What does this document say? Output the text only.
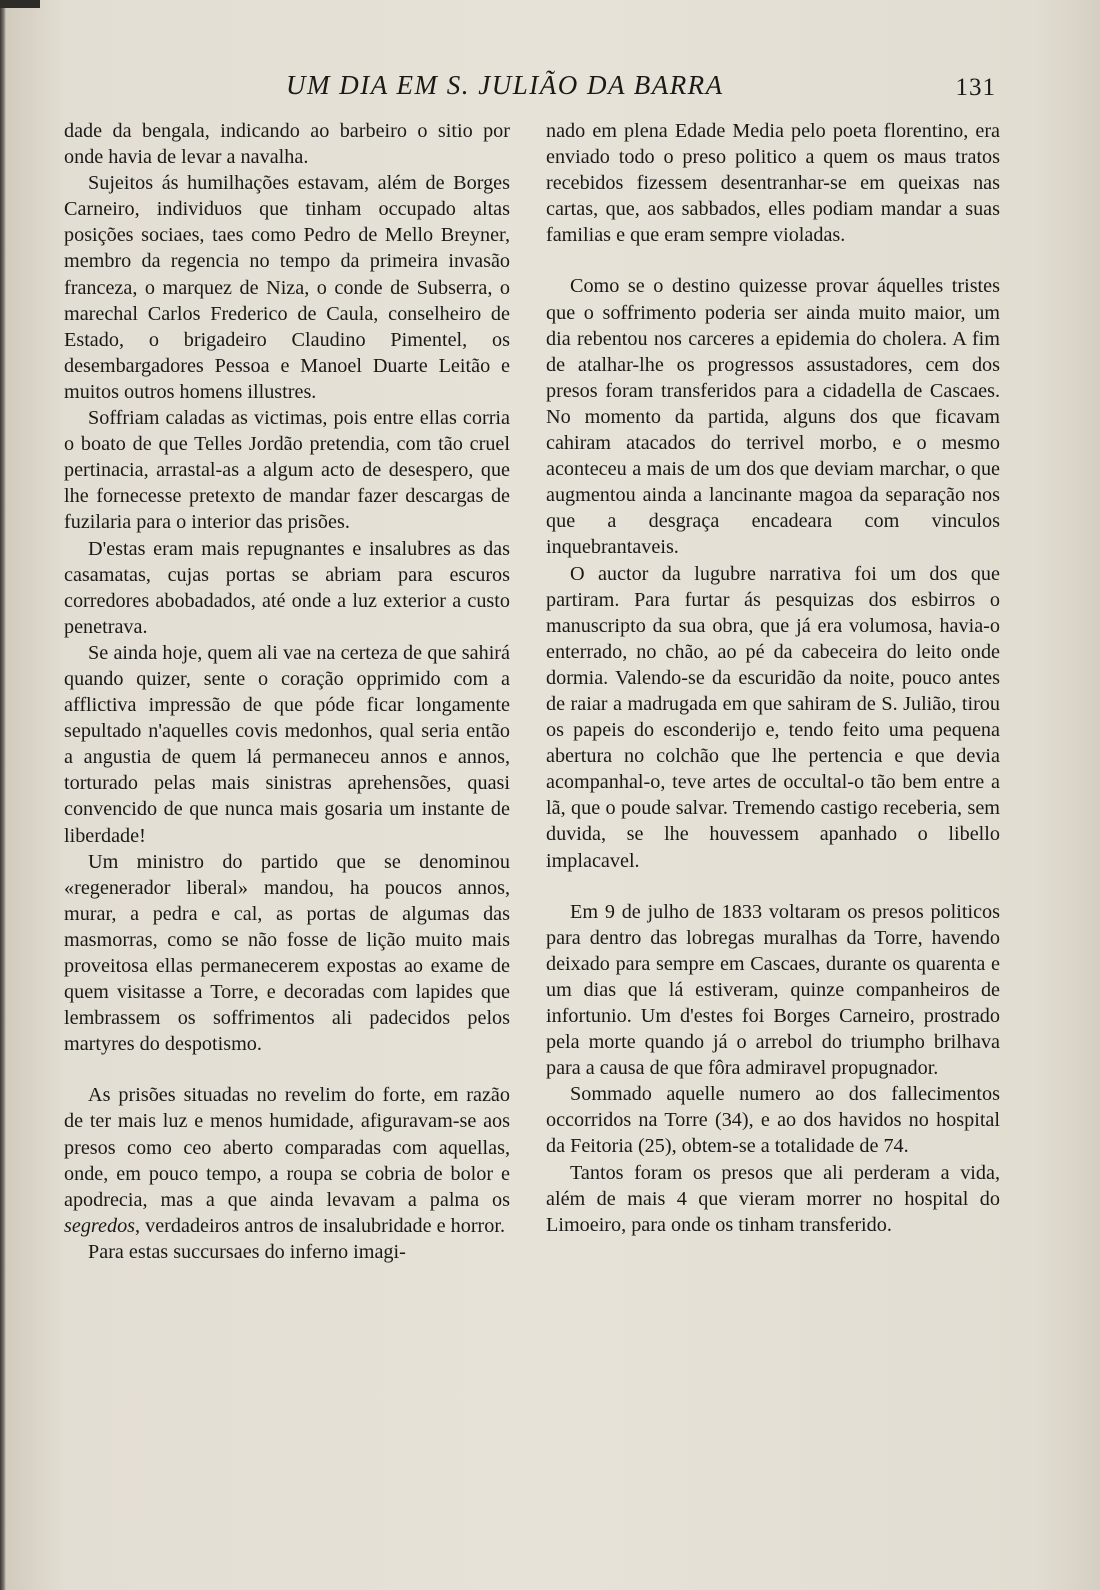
UM DIA EM S. JULIÃO DA BARRA	131

dade da bengala, indicando ao barbeiro o sitio por onde havia de levar a navalha.

Sujeitos ás humilhações estavam, além de Borges Carneiro, individuos que tinham occupado altas posições sociaes, taes como Pedro de Mello Breyner, membro da regencia no tempo da primeira invasão franceza, o marquez de Niza, o conde de Subserra, o marechal Carlos Frederico de Caula, conselheiro de Estado, o brigadeiro Claudino Pimentel, os desembargadores Pessoa e Manoel Duarte Leitão e muitos outros homens illustres.

Soffriam caladas as victimas, pois entre ellas corria o boato de que Telles Jordão pretendia, com tão cruel pertinacia, arrastal-as a algum acto de desespero, que lhe fornecesse pretexto de mandar fazer descargas de fuzilaria para o interior das prisões.

D'estas eram mais repugnantes e insalubres as das casamatas, cujas portas se abriam para escuros corredores abobadados, até onde a luz exterior a custo penetrava.

Se ainda hoje, quem ali vae na certeza de que sahirá quando quizer, sente o coração opprimido com a afflictiva impressão de que póde ficar longamente sepultado n'aquelles covis medonhos, qual seria então a angustia de quem lá permaneceu annos e annos, torturado pelas mais sinistras aprehensões, quasi convencido de que nunca mais gosaria um instante de liberdade!

Um ministro do partido que se denominou «regenerador liberal» mandou, ha poucos annos, murar, a pedra e cal, as portas de algumas das masmorras, como se não fosse de lição muito mais proveitosa ellas permanecerem expostas ao exame de quem visitasse a Torre, e decoradas com lapides que lembrassem os soffrimentos ali padecidos pelos martyres do despotismo.

As prisões situadas no revelim do forte, em razão de ter mais luz e menos humidade, afiguravam-se aos presos como ceo aberto comparadas com aquellas, onde, em pouco tempo, a roupa se cobria de bolor e apodrecia, mas a que ainda levavam a palma os segredos, verdadeiros antros de insalubridade e horror.

Para estas succursaes do inferno imagi-

nado em plena Edade Media pelo poeta florentino, era enviado todo o preso politico a quem os maus tratos recebidos fizessem desentranhar-se em queixas nas cartas, que, aos sabbados, elles podiam mandar a suas familias e que eram sempre violadas.

Como se o destino quizesse provar áquelles tristes que o soffrimento poderia ser ainda muito maior, um dia rebentou nos carceres a epidemia do cholera. A fim de atalhar-lhe os progressos assustadores, cem dos presos foram transferidos para a cidadella de Cascaes. No momento da partida, alguns dos que ficavam cahiram atacados do terrivel morbo, e o mesmo aconteceu a mais de um dos que deviam marchar, o que augmentou ainda a lancinante magoa da separação nos que a desgraça encadeara com vinculos inquebrantaveis.

O auctor da lugubre narrativa foi um dos que partiram. Para furtar ás pesquizas dos esbirros o manuscripto da sua obra, que já era volumosa, havia-o enterrado, no chão, ao pé da cabeceira do leito onde dormia. Valendo-se da escuridão da noite, pouco antes de raiar a madrugada em que sahiram de S. Julião, tirou os papeis do esconderijo e, tendo feito uma pequena abertura no colchão que lhe pertencia e que devia acompanhal-o, teve artes de occultal-o tão bem entre a lã, que o poude salvar. Tremendo castigo receberia, sem duvida, se lhe houvessem apanhado o libello implacavel.

Em 9 de julho de 1833 voltaram os presos politicos para dentro das lobregas muralhas da Torre, havendo deixado para sempre em Cascaes, durante os quarenta e um dias que lá estiveram, quinze companheiros de infortunio. Um d'estes foi Borges Carneiro, prostrado pela morte quando já o arrebol do triumpho brilhava para a causa de que fôra admiravel propugnador.

Sommado aquelle numero ao dos fallecimentos occorridos na Torre (34), e ao dos havidos no hospital da Feitoria (25), obtem-se a totalidade de 74.

Tantos foram os presos que ali perderam a vida, além de mais 4 que vieram morrer no hospital do Limoeiro, para onde os tinham transferido.
